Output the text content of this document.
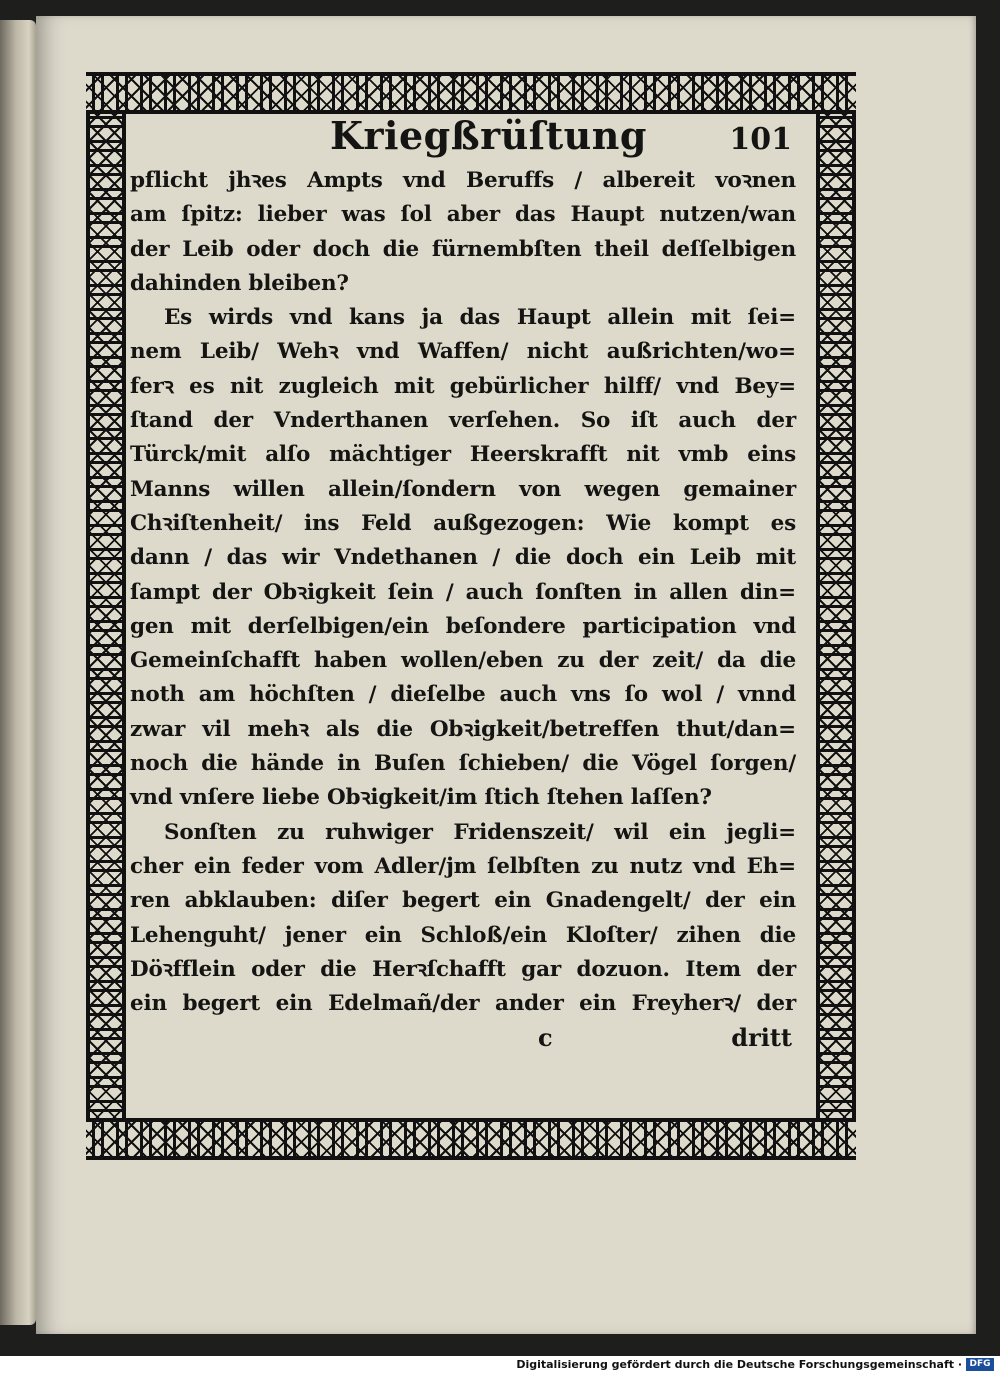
Kriegßrüſtung	101
pflicht jhꝛes Ampts vnd Beruffs / albereit voꝛnen
am ſpitz: lieber was ſol aber das Haupt nutzen/wan
der Leib oder doch die fürnembſten theil deſſelbigen
dahinden bleiben?
Es wirds vnd kans ja das Haupt allein mit ſei=
nem Leib/ Wehꝛ vnd Waffen/ nicht außrichten/wo=
ferꝛ es nit zugleich mit gebürlicher hilff/ vnd Bey=
ſtand der Vnderthanen verſehen. So iſt auch der
Türck/mit alſo mächtiger Heerskrafft nit vmb eins
Manns willen allein/ſondern von wegen gemainer
Chꝛiſtenheit/ ins Feld außgezogen: Wie kompt es
dann / das wir Vndethanen / die doch ein Leib mit
ſampt der Obꝛigkeit ſein / auch ſonſten in allen din=
gen mit derſelbigen/ein beſondere participation vnd
Gemeinſchafft haben wollen/eben zu der zeit/ da die
noth am höchſten / dieſelbe auch vns ſo wol / vnnd
zwar vil mehꝛ als die Obꝛigkeit/betreffen thut/dan=
noch die hände in Buſen ſchieben/ die Vögel ſorgen/
vnd vnſere liebe Obꝛigkeit/im ſtich ſtehen laſſen?
Sonſten zu ruhwiger Fridenszeit/ wil ein jegli=
cher ein feder vom Adler/jm ſelbſten zu nutz vnd Eh=
ren abklauben: diſer begert ein Gnadengelt/ der ein
Lehenguht/ jener ein Schloß/ein Kloſter/ zihen die
Döꝛfflein oder die Herꝛſchafft gar dozuon. Item der
ein begert ein Edelmañ/der ander ein Freyherꝛ/ der
c	dritt
Digitalisierung gefördert durch die Deutsche Forschungsgemeinschaft · DFG
